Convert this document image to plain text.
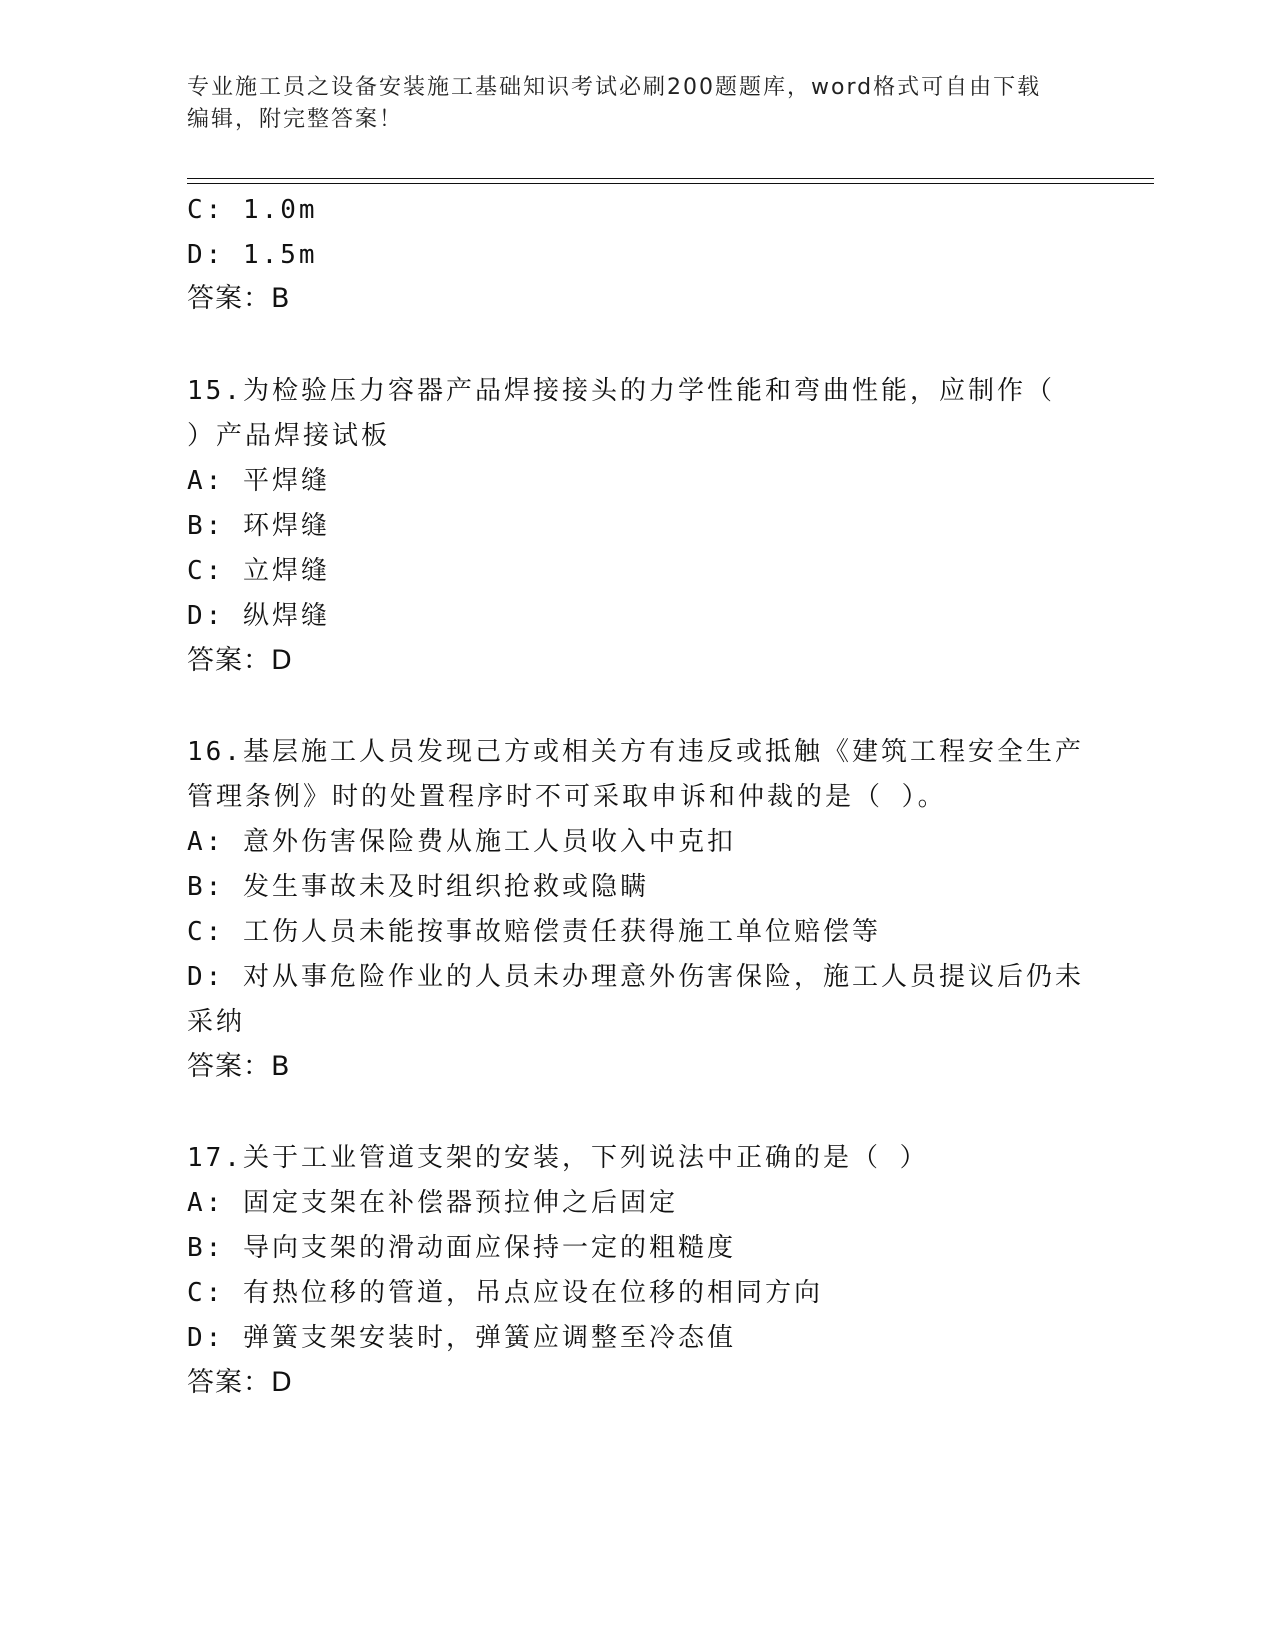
专业施工员之设备安装施工基础知识考试必刷200题题库，word格式可自由下载
编辑，附完整答案！
C: 1.0m
D: 1.5m
答案：B
15.为检验压力容器产品焊接接头的力学性能和弯曲性能，应制作（
）产品焊接试板
A: 平焊缝
B: 环焊缝
C: 立焊缝
D: 纵焊缝
答案：D
16.基层施工人员发现己方或相关方有违反或抵触《建筑工程安全生产
管理条例》时的处置程序时不可采取申诉和仲裁的是（ ）。
A: 意外伤害保险费从施工人员收入中克扣
B: 发生事故未及时组织抢救或隐瞒
C: 工伤人员未能按事故赔偿责任获得施工单位赔偿等
D: 对从事危险作业的人员未办理意外伤害保险，施工人员提议后仍未
采纳
答案：B
17.关于工业管道支架的安装，下列说法中正确的是（ ）
A: 固定支架在补偿器预拉伸之后固定
B: 导向支架的滑动面应保持一定的粗糙度
C: 有热位移的管道，吊点应设在位移的相同方向
D: 弹簧支架安装时，弹簧应调整至冷态值
答案：D
